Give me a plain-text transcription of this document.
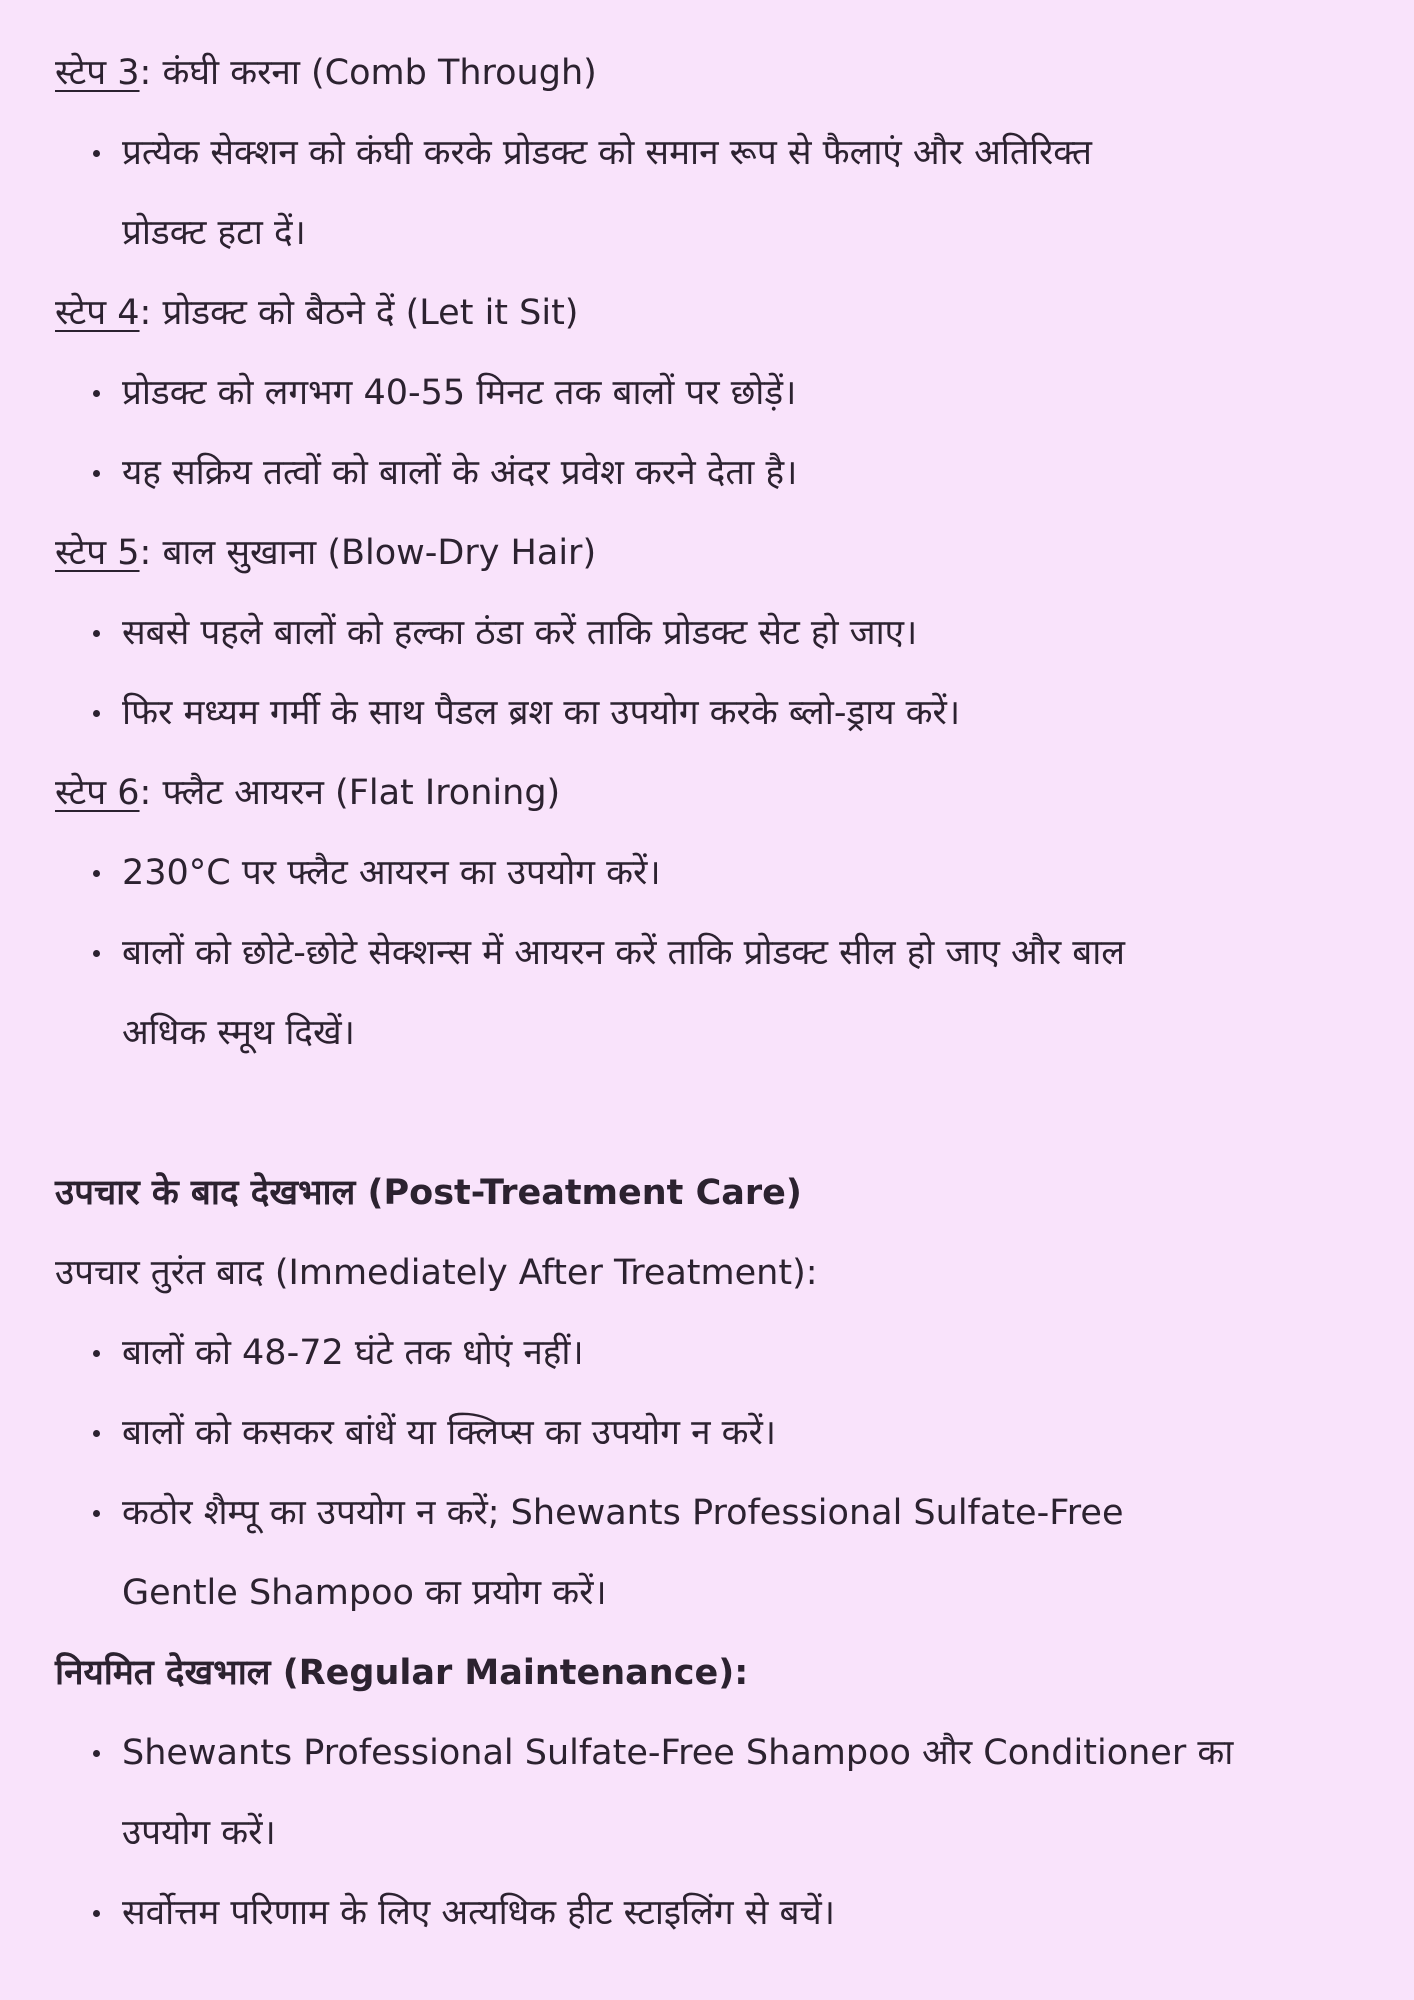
स्टेप 3: कंघी करना (Comb Through)

प्रत्येक सेक्शन को कंघी करके प्रोडक्ट को समान रूप से फैलाएं और अतिरिक्त
प्रोडक्ट हटा दें।

स्टेप 4: प्रोडक्ट को बैठने दें (Let it Sit)

प्रोडक्ट को लगभग 40-55 मिनट तक बालों पर छोड़ें।
यह सक्रिय तत्वों को बालों के अंदर प्रवेश करने देता है।

स्टेप 5: बाल सुखाना (Blow-Dry Hair)

सबसे पहले बालों को हल्का ठंडा करें ताकि प्रोडक्ट सेट हो जाए।
फिर मध्यम गर्मी के साथ पैडल ब्रश का उपयोग करके ब्लो-ड्राय करें।

स्टेप 6: फ्लैट आयरन (Flat Ironing)

230°C पर फ्लैट आयरन का उपयोग करें।
बालों को छोटे-छोटे सेक्शन्स में आयरन करें ताकि प्रोडक्ट सील हो जाए और बाल
अधिक स्मूथ दिखें।
उपचार के बाद देखभाल (Post-Treatment Care)

उपचार तुरंत बाद (Immediately After Treatment):

बालों को 48-72 घंटे तक धोएं नहीं।
बालों को कसकर बांधें या क्लिप्स का उपयोग न करें।
कठोर शैम्पू का उपयोग न करें; Shewants Professional Sulfate-Free
Gentle Shampoo का प्रयोग करें।
नियमित देखभाल (Regular Maintenance):
Shewants Professional Sulfate-Free Shampoo और Conditioner का
उपयोग करें।
सर्वोत्तम परिणाम के लिए अत्यधिक हीट स्टाइलिंग से बचें।
